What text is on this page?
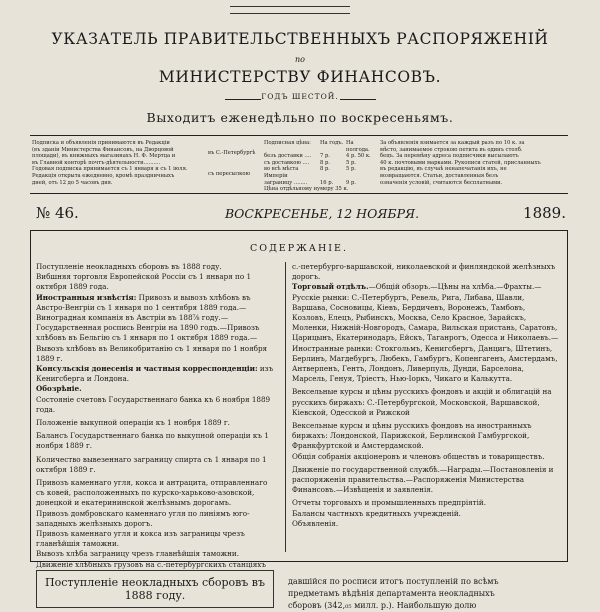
УКАЗАТЕЛЬ ПРАВИТЕЛЬСТВЕННЫХЪ РАСПОРЯЖЕНІЙ
по
МИНИСТЕРСТВУ ФИНАНСОВЪ.
ГОДЪ ШЕСТОЙ.
Выходитъ еженедѣльно по воскресеньямъ.
Подписка и объявленія принимаются въ Редакціи
(въ зданіи Министерства Финансовъ, на Дворцовой
площади), въ книжныхъ магазинахъ Н. Ф. Мертца и
въ Главной конторѣ почтъ-дѣятельности..........
Годовая подписка принимается съ 1 января и съ 1 іюля.
Редакція открыта ежедневно, кромѣ праздничныхъ
дней, отъ 12 до 5 часовъ дня.
въ С.-Петербургѣ
съ пересылкою
Подписная цѣна:	На годъ. На полгода.
безъ доставки ....	7 р.	4 р. 50 к.
съ доставкою ....	8 р.	5 р.
во всѣ мѣста Имперіи
8 р.	5 р.
заграницу ........	16 р.	9 р.
Цѣна отдѣльному нумеру 35 к.
За объявленія взимается за каждый разъ по 10 к. за
мѣсто, занимаемое строкою петита въ одинъ столб.
бецъ. За перемѣну адреса подписчики высылаютъ
40 к. почтовыми марками. Рукописи статей, присланныхъ
въ редакцію, въ случаѣ ненапечатанія ихъ, не
возвращаются. Статьи, доставленныя безъ
означенія условій, считаются бесплатными.
№ 46.	ВОСКРЕСЕНЬЕ, 12 НОЯБРЯ.	1889.
СОДЕРЖАНІЕ.

Поступленіе неокладныхъ сборовъ въ 1888 году.

Вибшняя торговля Европейской Россіи съ 1 января по 1 октября 1889 года.

Иностранныя извѣстія: Привозъ и вывозъ хлѣбовъ въ Австро-Венгріи съ 1 января по 1 сентября 1889 года.—Виноградная компанія въ Австріи въ 188⅞ году.—Государственная роспись Венгріи на 1890 годъ.—Привозъ хлѣбовъ въ Бельгію съ 1 января по 1 октября 1889 года.—Вывозъ хлѣбовъ въ Великобританію съ 1 января по 1 ноября 1889 г.

Консульскія донесенія и частныя корреспонденціи: изъ Кенигсберга и Лондона.

Обозрѣніе.

Состояніе счетовъ Государственнаго банка къ 6 ноября 1889 года.

Положеніе выкупной операціи къ 1 ноября 1889 г.

Балансъ Государственнаго банка по выкупной операціи къ 1 ноября 1889 г.

Количество вывезеннаго заграницу спирта съ 1 января по 1 октября 1889 г.

Привозъ каменнаго угля, кокса и антрацита, отправленнаго съ ковей, расположенныхъ по курско-харьково-азовской, донецкой и екатерининской желѣзнымъ дорогамъ.

Привозъ домбровскаго каменнаго угля по линіямъ юго-западныхъ желѣзныхъ дорогъ.

Привозъ каменнаго угля и кокса изъ заграницы чрезъ главнѣйшія таможни.

Вывозъ хлѣба заграницу чрезъ главнѣйшія таможни.

Движеніе хлѣбныхъ грузовъ на с.-петербургскихъ станціяхъ

с.-петербурго-варшавской, николаевской и финляндской желѣзныхъ дорогъ.

Торговый отдѣлъ.—Общій обзоръ.—Цѣны на хлѣба.—Фрахты.—Русскіе рынки: С.-Петербургъ, Ревель, Рига, Либава, Шавли, Варшава, Сосновицы, Кіевъ, Бердичевъ, Воронежъ, Тамбовъ, Козловъ, Елецъ, Рыбинскъ, Москва, Село Красное, Зарайскъ, Моленки, Нижній-Новгородъ, Самара, Вильская пристань, Саратовъ, Царицынъ, Екатеринодаръ, Ейскъ, Таганрогъ, Одесса и Николаевъ.—Иностранные рынки: Стокгольмъ, Кенигсбергъ, Данцигъ, Штетинъ, Берлинъ, Магдебургъ, Любекъ, Гамбургъ, Копенгагенъ, Амстердамъ, Антверпенъ, Гентъ, Лондонъ, Ливерпуль, Дунди, Барселона, Марсель, Генуя, Тріестъ, Нью-Іоркъ, Чикаго и Калькутта.

Вексельные курсы и цѣны русскихъ фондовъ и акцій и облигацій на русскихъ биржахъ: С.-Петербургской, Московской, Варшавской, Кіевской, Одесской и Рижской

Вексельные курсы и цѣны русскихъ фондовъ на иностранныхъ биржахъ: Лондонской, Парижской, Берлинской Гамбургской, Франкфуртской и Амстердамской.

Общія собранія акціонеровъ и членовъ обществъ и товариществъ.

Движеніе по государственной службѣ.—Награды.—Постановленія и распоряженія правительства.—Распоряженія Министерства Финансовъ.—Извѣщенія и заявленія.

Отчеты торговыхъ и промышленныхъ предпріятій.

Балансы частныхъ кредитныхъ учрежденій.

Объявленія.

Поступленіе неокладныхъ сборовъ въ
1888 году.
давшійся по росписи итогъ поступленій по всѣмъ
предметамъ вѣдѣнія департамента неокладныхъ
сборовъ (342,₀₅ милл. р.). Наибольшую долю
